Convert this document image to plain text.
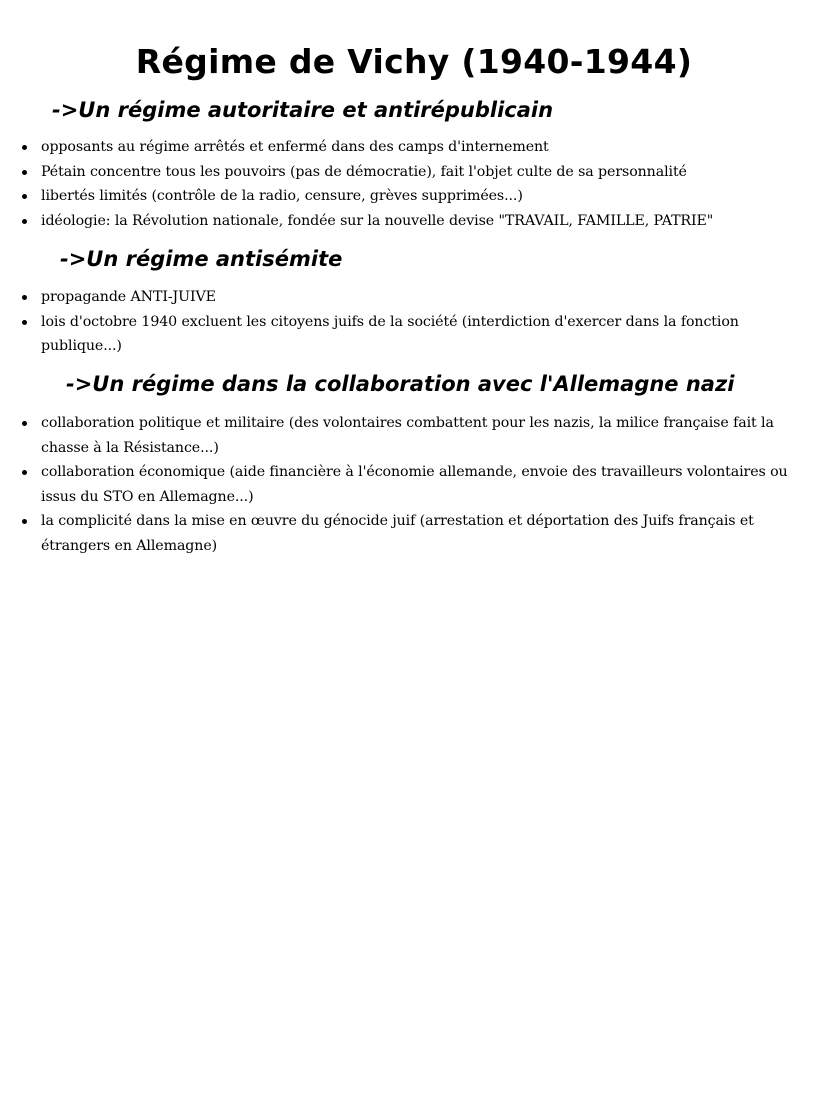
Régime de Vichy (1940-1944)
->Un régime autoritaire et antirépublicain
opposants au régime arrêtés et enfermé dans des camps d'internement
Pétain concentre tous les pouvoirs (pas de démocratie), fait l'objet culte de sa personnalité
libertés limités (contrôle de la radio, censure, grèves supprimées...)
idéologie: la Révolution nationale, fondée sur la nouvelle devise "TRAVAIL, FAMILLE, PATRIE"
->Un régime antisémite
propagande ANTI-JUIVE
lois d'octobre 1940 excluent les citoyens juifs de la société (interdiction d'exercer dans la fonction publique...)
->Un régime dans la collaboration avec l'Allemagne nazi
collaboration politique et militaire (des volontaires combattent pour les nazis, la milice française fait la chasse à la Résistance...)
collaboration économique (aide financière à l'économie allemande, envoie des travailleurs volontaires ou issus du STO en Allemagne...)
la complicité dans la mise en œuvre du génocide juif (arrestation et déportation des Juifs français et étrangers en Allemagne)
